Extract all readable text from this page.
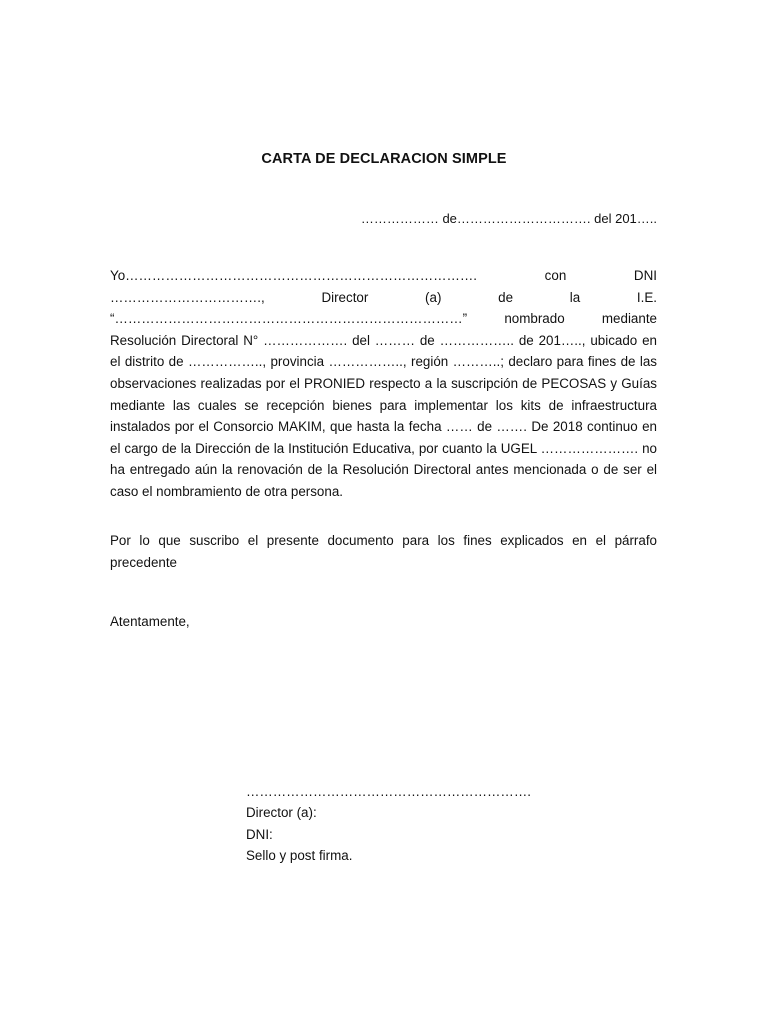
CARTA DE DECLARACION SIMPLE
……………… de…………………………. del 201…..

Yo……………………………………………………………………. con DNI ……………………………., Director (a) de la I.E. “……………………………………………………………………” nombrado mediante Resolución Directoral N° ………………. del ……… de …………….. de 201….., ubicado en el distrito de …………….., provincia …………….., región ………..; declaro para fines de las observaciones realizadas por el PRONIED respecto a la suscripción de PECOSAS y Guías mediante las cuales se recepción bienes para implementar los kits de infraestructura instalados por el Consorcio MAKIM, que hasta la fecha …… de ……. De 2018 continuo en el cargo de la Dirección de la Institución Educativa, por cuanto la UGEL …………………. no ha entregado aún la renovación de la Resolución Directoral antes mencionada o de ser el caso el nombramiento de otra persona.

Por lo que suscribo el presente documento para los fines explicados en el párrafo precedente

Atentamente,
……………………………………………………….
Director (a):
DNI:
Sello y post firma.
